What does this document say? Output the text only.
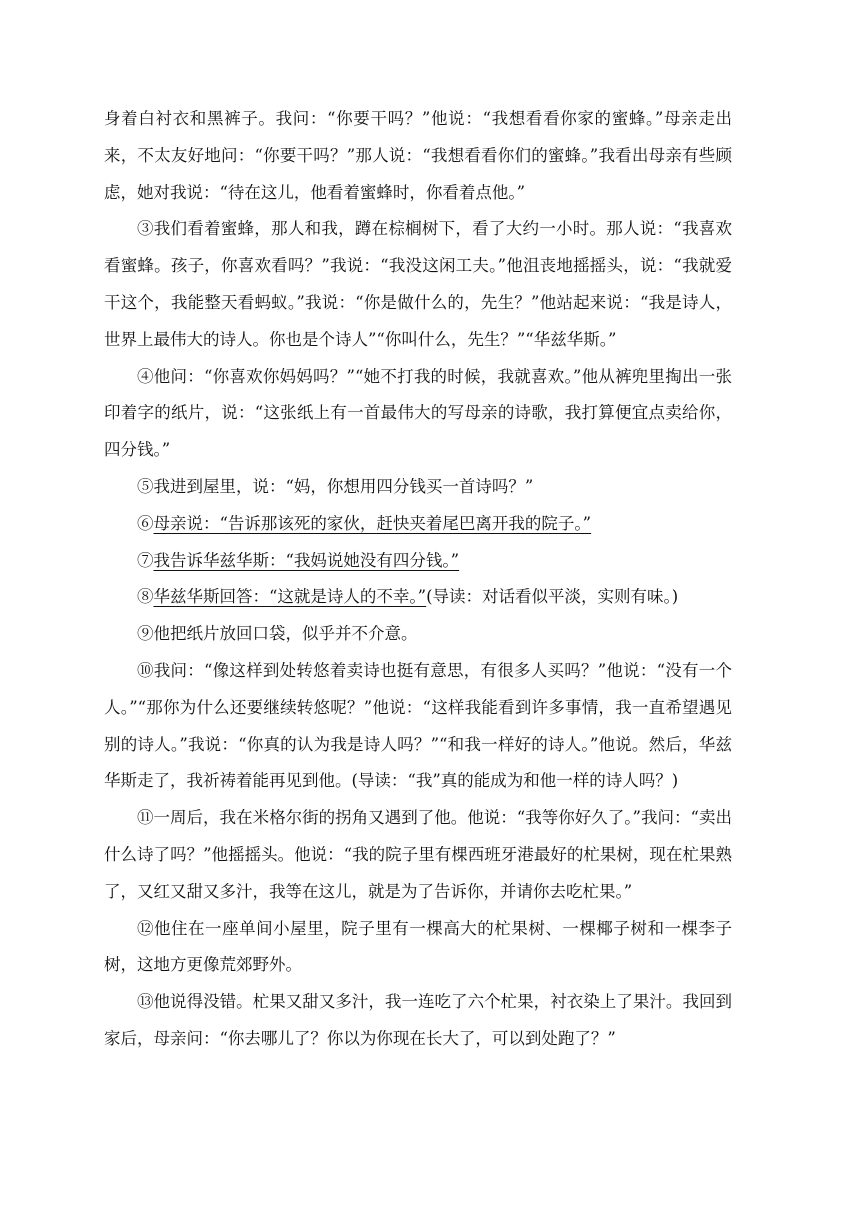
身着白衬衣和黑裤子。我问：“你要干吗？”他说：“我想看看你家的蜜蜂。”母亲走出来，不太友好地问：“你要干吗？”那人说：“我想看看你们的蜜蜂。”我看出母亲有些顾虑，她对我说：“待在这儿，他看着蜜蜂时，你看着点他。”

③我们看着蜜蜂，那人和我，蹲在棕榈树下，看了大约一小时。那人说：“我喜欢看蜜蜂。孩子，你喜欢看吗？”我说：“我没这闲工夫。”他沮丧地摇摇头，说：“我就爱干这个，我能整天看蚂蚁。”我说：“你是做什么的，先生？”他站起来说：“我是诗人，世界上最伟大的诗人。你也是个诗人”“你叫什么，先生？”“华兹华斯。”

④他问：“你喜欢你妈妈吗？”“她不打我的时候，我就喜欢。”他从裤兜里掏出一张印着字的纸片，说：“这张纸上有一首最伟大的写母亲的诗歌，我打算便宜点卖给你，四分钱。”

⑤我进到屋里，说：“妈，你想用四分钱买一首诗吗？”

⑥母亲说：“告诉那该死的家伙，赶快夹着尾巴离开我的院子。”

⑦我告诉华兹华斯：“我妈说她没有四分钱。”

⑧华兹华斯回答：“这就是诗人的不幸。”(导读：对话看似平淡，实则有味。)

⑨他把纸片放回口袋，似乎并不介意。

⑩我问：“像这样到处转悠着卖诗也挺有意思，有很多人买吗？”他说：“没有一个人。”“那你为什么还要继续转悠呢？”他说：“这样我能看到许多事情，我一直希望遇见别的诗人。”我说：“你真的认为我是诗人吗？”“和我一样好的诗人。”他说。然后，华兹华斯走了，我祈祷着能再见到他。(导读：“我”真的能成为和他一样的诗人吗？)

⑪一周后，我在米格尔街的拐角又遇到了他。他说：“我等你好久了。”我问：“卖出什么诗了吗？”他摇摇头。他说：“我的院子里有棵西班牙港最好的杧果树，现在杧果熟了，又红又甜又多汁，我等在这儿，就是为了告诉你，并请你去吃杧果。”

⑫他住在一座单间小屋里，院子里有一棵高大的杧果树、一棵椰子树和一棵李子树，这地方更像荒郊野外。

⑬他说得没错。杧果又甜又多汁，我一连吃了六个杧果，衬衣染上了果汁。我回到家后，母亲问：“你去哪儿了？你以为你现在长大了，可以到处跑了？”
